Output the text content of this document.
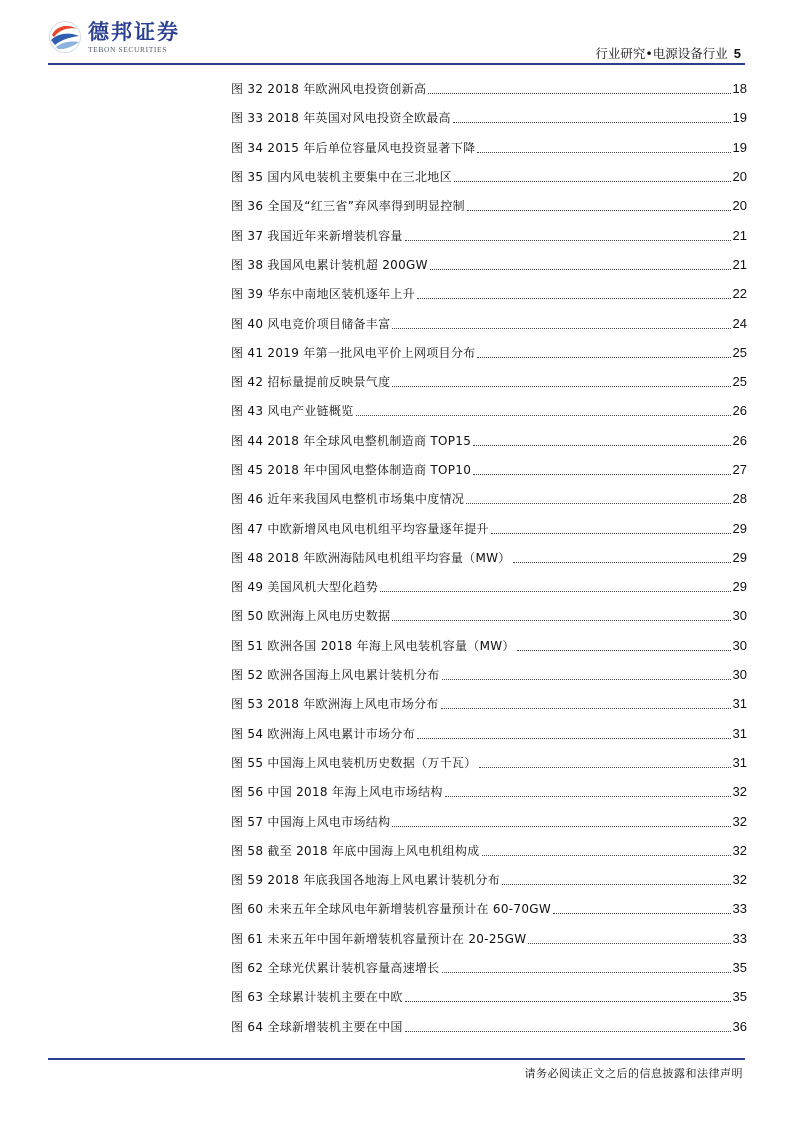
德邦证券
TEBON SECURITIES	行业研究•电源设备行业 5
图 32 2018 年欧洲风电投资创新高	18
图 33 2018 年英国对风电投资全欧最高	19
图 34 2015 年后单位容量风电投资显著下降	19
图 35 国内风电装机主要集中在三北地区	20
图 36 全国及“红三省”弃风率得到明显控制	20
图 37 我国近年来新增装机容量	21
图 38 我国风电累计装机超 200GW	21
图 39 华东中南地区装机逐年上升	22
图 40 风电竞价项目储备丰富	24
图 41 2019 年第一批风电平价上网项目分布	25
图 42 招标量提前反映景气度	25
图 43 风电产业链概览	26
图 44 2018 年全球风电整机制造商 TOP15	26
图 45 2018 年中国风电整体制造商 TOP10	27
图 46 近年来我国风电整机市场集中度情况	28
图 47 中欧新增风电风电机组平均容量逐年提升	29
图 48 2018 年欧洲海陆风电机组平均容量（MW）	29
图 49 美国风机大型化趋势	29
图 50 欧洲海上风电历史数据	30
图 51 欧洲各国 2018 年海上风电装机容量（MW）	30
图 52 欧洲各国海上风电累计装机分布	30
图 53 2018 年欧洲海上风电市场分布	31
图 54 欧洲海上风电累计市场分布	31
图 55 中国海上风电装机历史数据（万千瓦）	31
图 56 中国 2018 年海上风电市场结构	32
图 57 中国海上风电市场结构	32
图 58 截至 2018 年底中国海上风电机组构成	32
图 59 2018 年底我国各地海上风电累计装机分布	32
图 60 未来五年全球风电年新增装机容量预计在 60-70GW	33
图 61 未来五年中国年新增装机容量预计在 20-25GW	33
图 62 全球光伏累计装机容量高速增长	35
图 63 全球累计装机主要在中欧	35
图 64 全球新增装机主要在中国	36
请务必阅读正文之后的信息披露和法律声明
